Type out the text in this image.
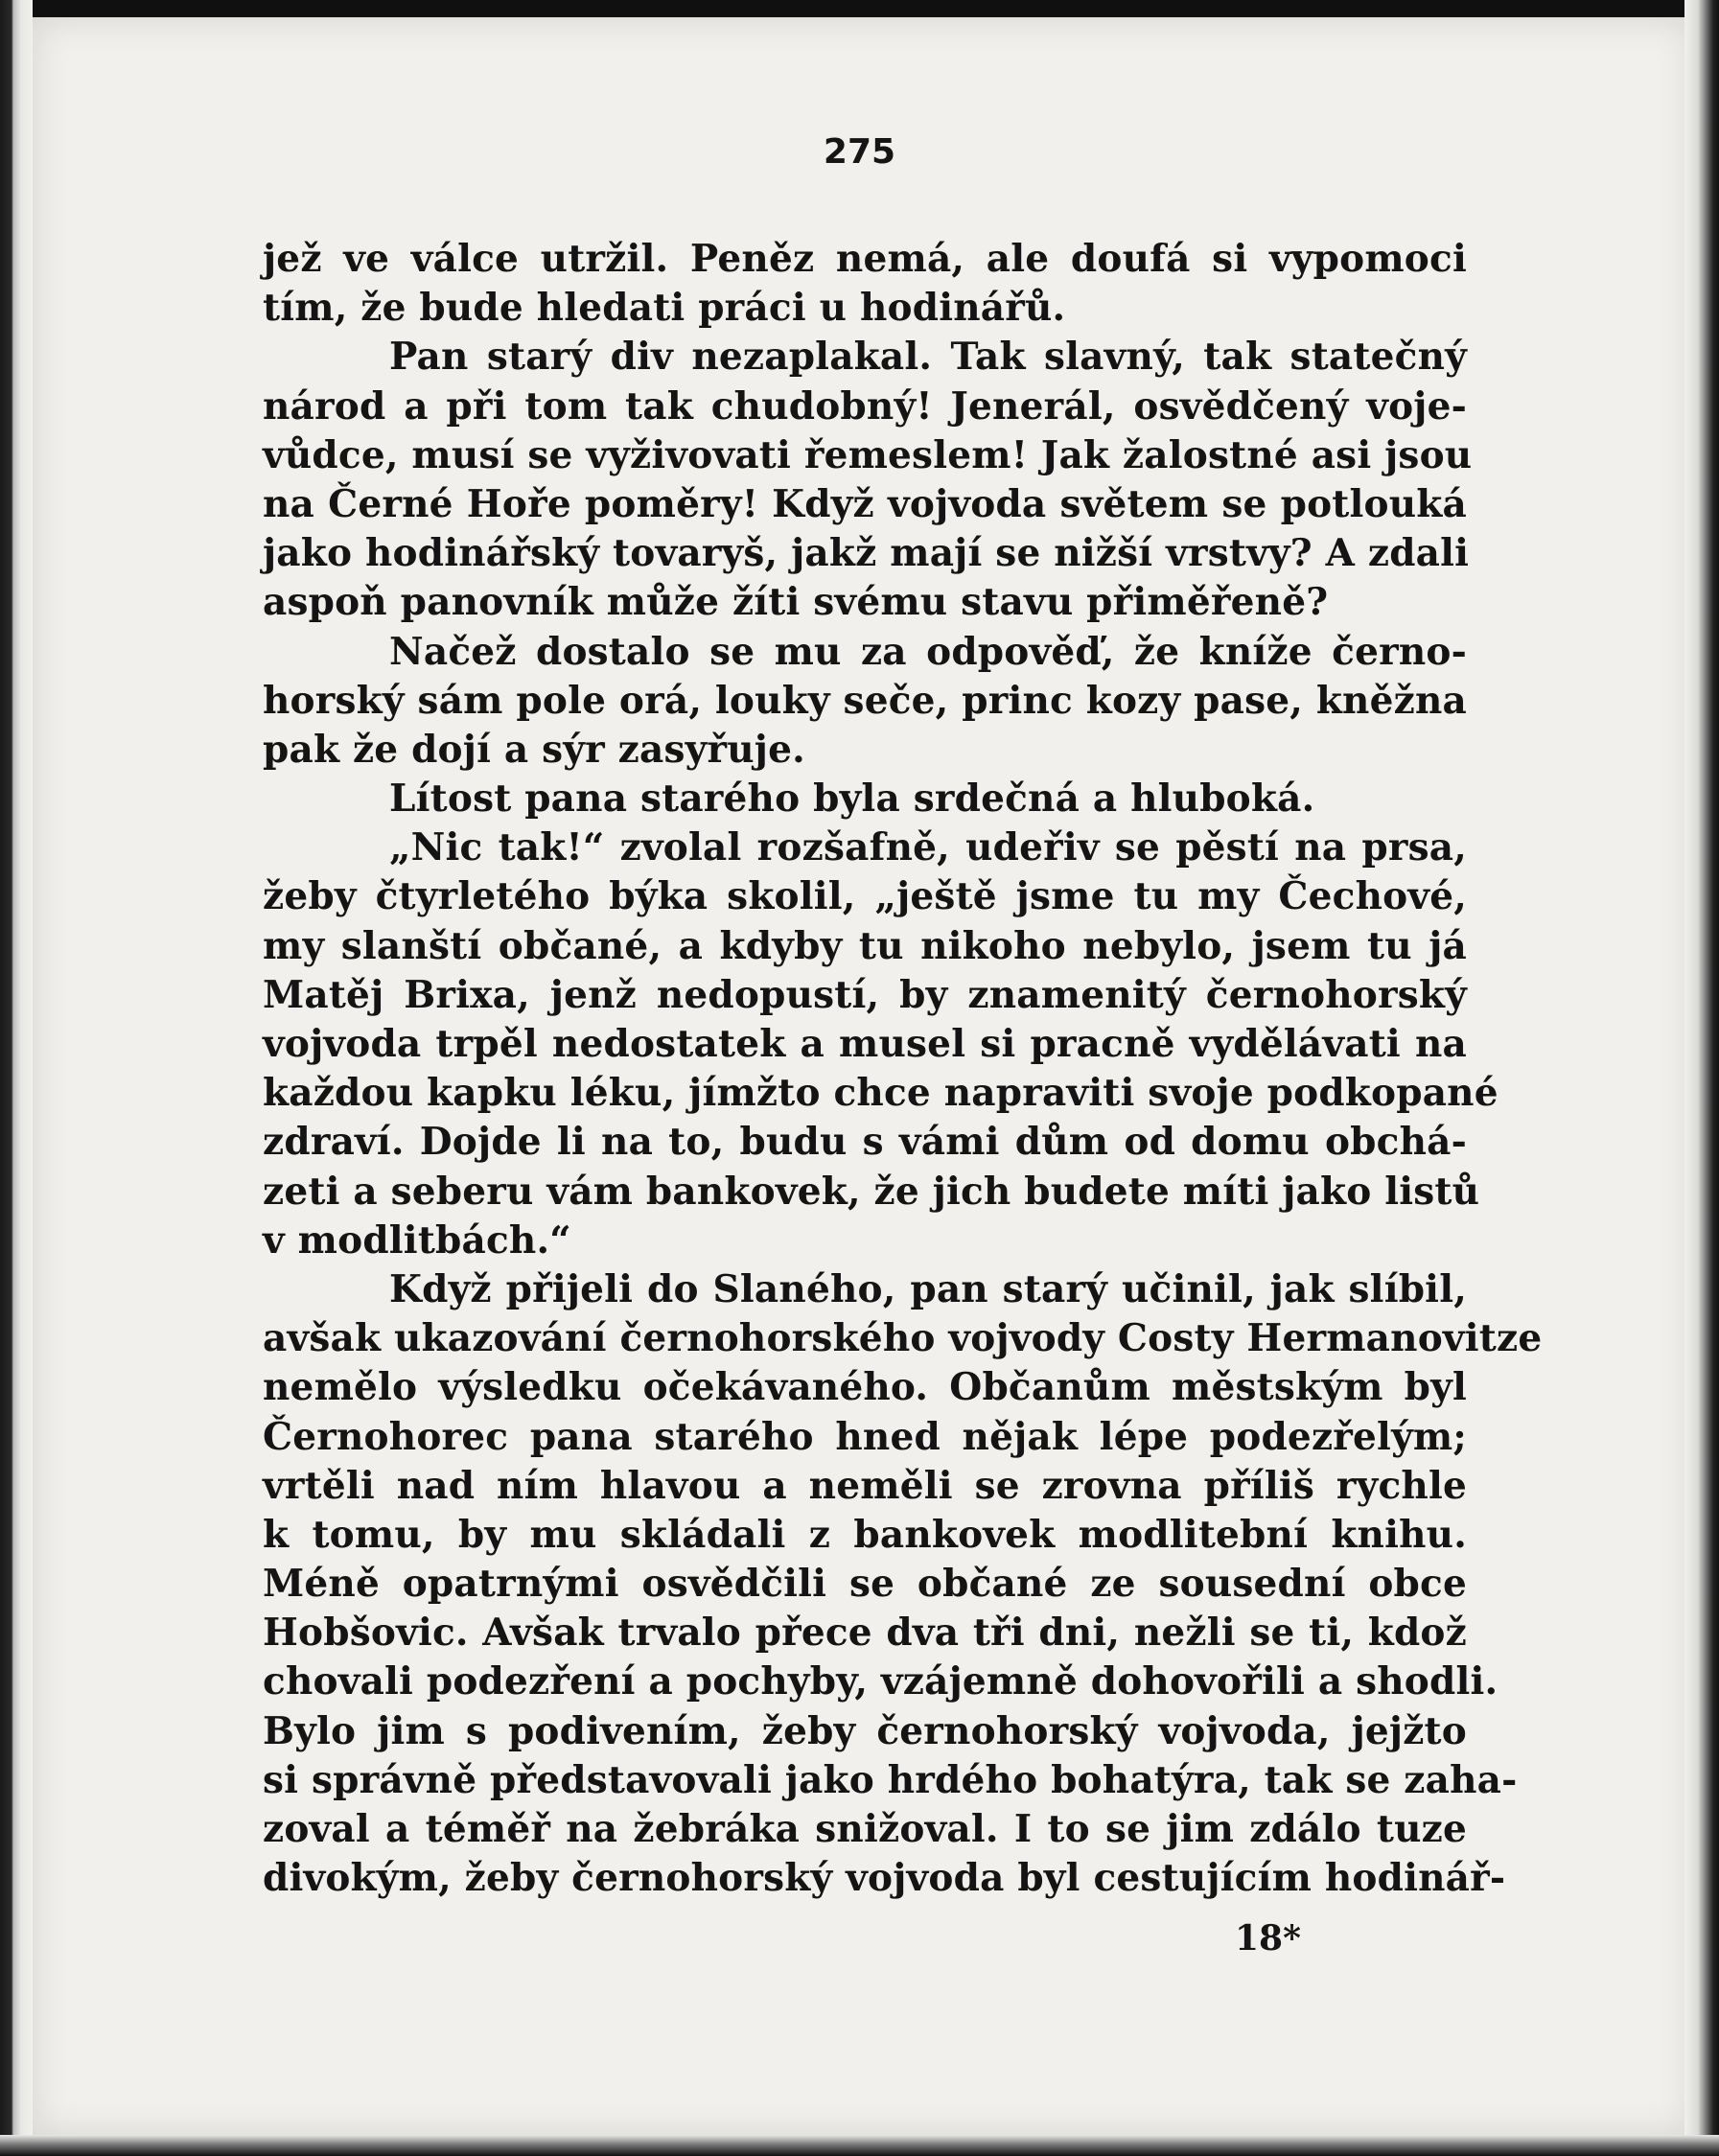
275
jež ve válce utržil. Peněz nemá, ale doufá si vypomoci
tím, že bude hledati práci u hodinářů.
Pan starý div nezaplakal. Tak slavný, tak statečný
národ a při tom tak chudobný! Jenerál, osvědčený voje-
vůdce, musí se vyživovati řemeslem! Jak žalostné asi jsou
na Černé Hoře poměry! Když vojvoda světem se potlouká
jako hodinářský tovaryš, jakž mají se nižší vrstvy? A zdali
aspoň panovník může žíti svému stavu přiměřeně?
Načež dostalo se mu za odpověď, že kníže černo-
horský sám pole orá, louky seče, princ kozy pase, kněžna
pak že dojí a sýr zasyřuje.
Lítost pana starého byla srdečná a hluboká.
„Nic tak!“ zvolal rozšafně, udeřiv se pěstí na prsa,
žeby čtyrletého býka skolil, „ještě jsme tu my Čechové,
my slanští občané, a kdyby tu nikoho nebylo, jsem tu já
Matěj Brixa, jenž nedopustí, by znamenitý černohorský
vojvoda trpěl nedostatek a musel si pracně vydělávati na
každou kapku léku, jímžto chce napraviti svoje podkopané
zdraví. Dojde li na to, budu s vámi dům od domu obchá-
zeti a seberu vám bankovek, že jich budete míti jako listů
v modlitbách.“
Když přijeli do Slaného, pan starý učinil, jak slíbil,
avšak ukazování černohorského vojvody Costy Hermanovitze
nemělo výsledku očekávaného. Občanům městským byl
Černohorec pana starého hned nějak lépe podezřelým;
vrtěli nad ním hlavou a neměli se zrovna příliš rychle
k tomu, by mu skládali z bankovek modlitební knihu.
Méně opatrnými osvědčili se občané ze sousední obce
Hobšovic. Avšak trvalo přece dva tři dni, nežli se ti, kdož
chovali podezření a pochyby, vzájemně dohovořili a shodli.
Bylo jim s podivením, žeby černohorský vojvoda, jejžto
si správně představovali jako hrdého bohatýra, tak se zaha-
zoval a téměř na žebráka snižoval. I to se jim zdálo tuze
divokým, žeby černohorský vojvoda byl cestujícím hodinář-
18*
